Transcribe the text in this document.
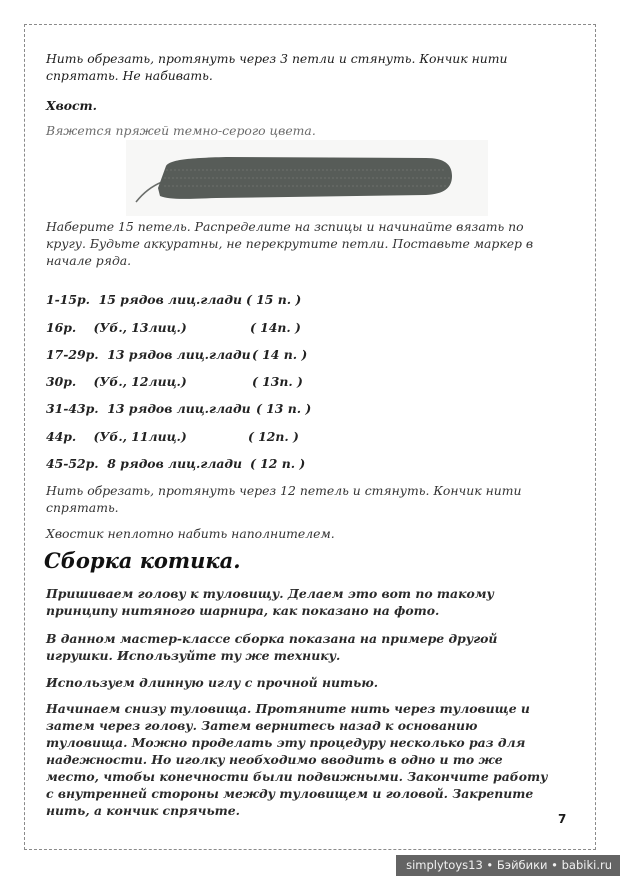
Нить обрезать, протянуть через 3 петли и стянуть. Кончик нити спрятать. Не набивать.

Хвост.

Вяжется пряжей темно-серого цвета.

Наберите 15 петель. Распределите на зспицы и начинайте вязать по кругу. Будьте аккуратны, не перекрутите петли. Поставьте маркер в начале ряда.

1-15р.  15 рядов лиц.глади ( 15 п. )
16р.    (Уб., 13лиц.)	( 14п. )
17-29р.  13 рядов лиц.глади ( 14 п. )
30р.    (Уб., 12лиц.)	( 13п. )
31-43р.  13 рядов лиц.глади ( 13 п. )
44р.    (Уб., 11лиц.)	( 12п. )
45-52р.  8 рядов лиц.глади ( 12 п. )

Нить обрезать, протянуть через 12 петель и стянуть. Кончик нити спрятать.

Хвостик неплотно набить наполнителем.

Сборка котика.

Пришиваем голову к туловищу. Делаем это вот по такому принципу нитяного шарнира, как показано на фото.

В данном мастер-классе сборка показана на примере другой игрушки. Используйте ту же технику.

Используем длинную иглу с прочной нитью.

Начинаем снизу туловища. Протяните нить через туловище и затем через голову. Затем вернитесь назад к основанию туловища. Можно проделать эту процедуру несколько раз для надежности. Но иголку необходимо вводить в одно и то же место, чтобы конечности были подвижными. Закончите работу с внутренней стороны между туловищем и головой. Закрепите нить, а кончик спрячьте.

7
simplytoys13 • Бэйбики • babiki.ru
